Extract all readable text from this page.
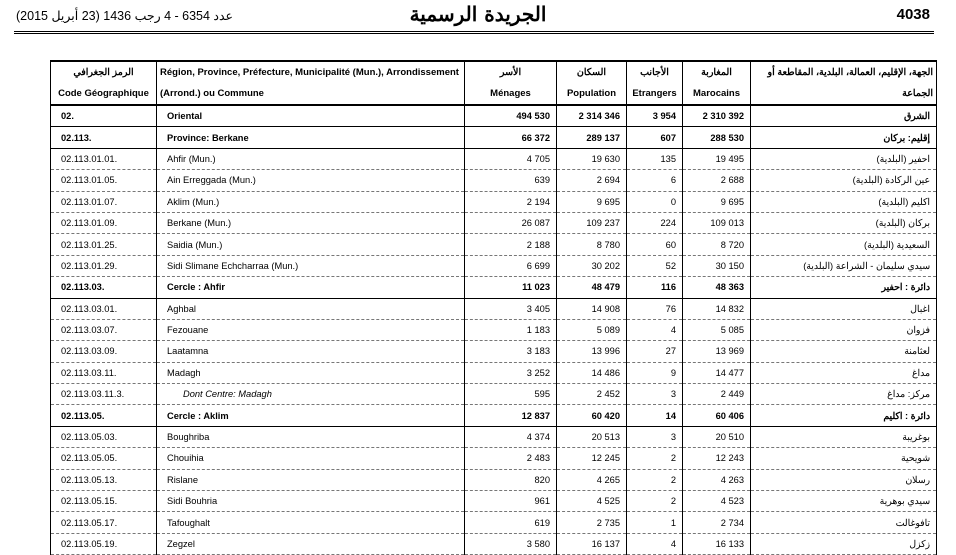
4038
الجريدة الرسمية
عدد 6354 - 4 رجب 1436 (23 أبريل 2015)
الرمز الجغرافي	Région, Province, Préfecture, Municipalité (Mun.), Arrondissement	الأسر	السكان	الأجانب	المغاربة	الجهة، الإقليم، العمالة، البلدية، المقاطعة أو
Code Géographique	(Arrond.) ou Commune	Ménages	Population	Etrangers	Marocains	الجماعة
02.	Oriental	494 530	2 314 346	3 954	2 310 392	الشرق
02.113.	Province: Berkane	66 372	289 137	607	288 530	إقليم: بركان
02.113.01.01.	Ahfir (Mun.)	4 705	19 630	135	19 495	احفير (البلدية)
02.113.01.05.	Ain Erreggada (Mun.)	639	2 694	6	2 688	عين الركادة (البلدية)
02.113.01.07.	Aklim (Mun.)	2 194	9 695	0	9 695	اكليم (البلدية)
02.113.01.09.	Berkane (Mun.)	26 087	109 237	224	109 013	بركان (البلدية)
02.113.01.25.	Saidia (Mun.)	2 188	8 780	60	8 720	السعيدية (البلدية)
02.113.01.29.	Sidi Slimane Echcharraa (Mun.)	6 699	30 202	52	30 150	سيدي سليمان - الشراعة (البلدية)
02.113.03.	Cercle : Ahfir	11 023	48 479	116	48 363	دائرة : احفير
02.113.03.01.	Aghbal	3 405	14 908	76	14 832	اغبال
02.113.03.07.	Fezouane	1 183	5 089	4	5 085	فزوان
02.113.03.09.	Laatamna	3 183	13 996	27	13 969	لعثامنة
02.113.03.11.	Madagh	3 252	14 486	9	14 477	مداغ
02.113.03.11.3.	Dont Centre: Madagh	595	2 452	3	2 449	مركز: مداغ
02.113.05.	Cercle : Aklim	12 837	60 420	14	60 406	دائرة : اكليم
02.113.05.03.	Boughriba	4 374	20 513	3	20 510	بوغريبة
02.113.05.05.	Chouihia	2 483	12 245	2	12 243	شويحية
02.113.05.13.	Rislane	820	4 265	2	4 263	رسلان
02.113.05.15.	Sidi Bouhria	961	4 525	2	4 523	سيدي بوهرية
02.113.05.17.	Tafoughalt	619	2 735	1	2 734	تافوغالت
02.113.05.19.	Zegzel	3 580	16 137	4	16 133	زكزل
